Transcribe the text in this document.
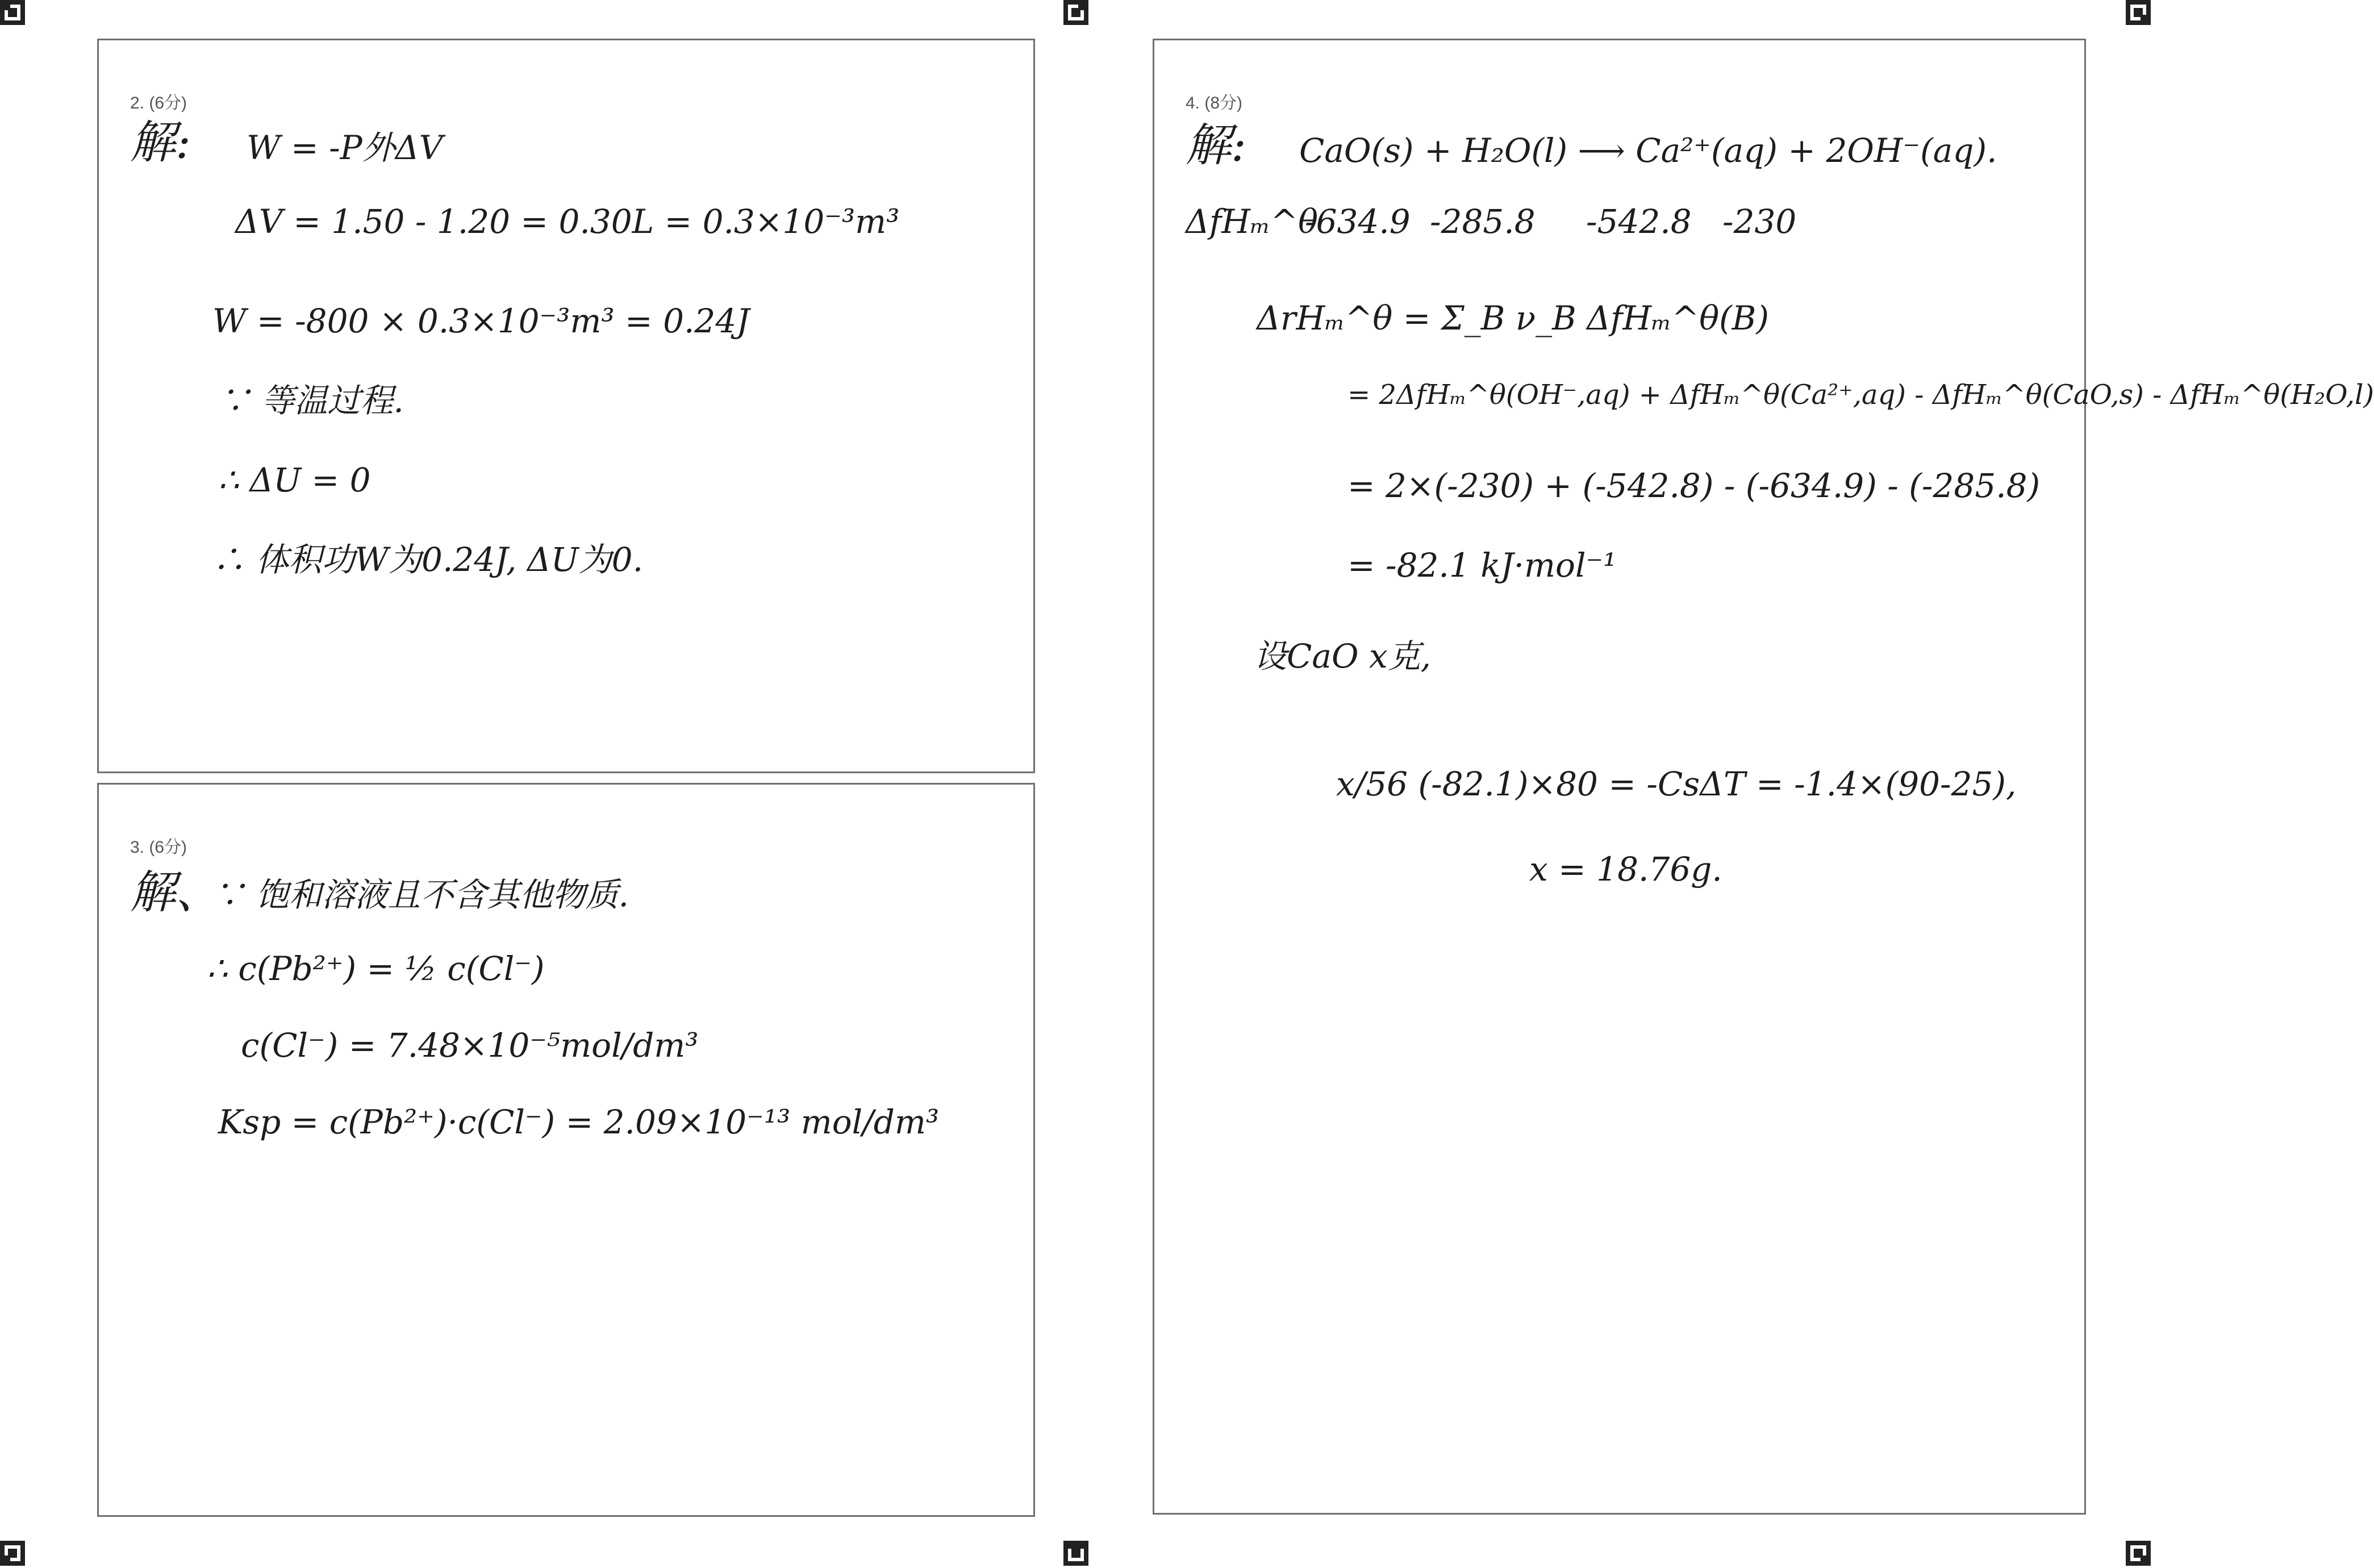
2. (6分)
解: W = -P外ΔV
ΔV = 1.50 - 1.20 = 0.30L = 0.3×10⁻³m³
W = -800 × 0.3×10⁻³m³ = 0.24J
∵ 等温过程.
∴ ΔU = 0
∴ 体积功W为0.24J, ΔU为0.
3. (6分)
解、
∵ 饱和溶液且不含其他物质.
∴ c(Pb²⁺) = ½ c(Cl⁻)
c(Cl⁻) = 7.48×10⁻⁵mol/dm³
Ksp = c(Pb²⁺)·c(Cl⁻) = 2.09×10⁻¹³ mol/dm³
4. (8分)
解: CaO(s) + H₂O(l) ⟶ Ca²⁺(aq) + 2OH⁻(aq).
ΔfHₘ^θ
-634.9 -285.8 -542.8 -230
ΔrHₘ^θ = Σ_B ν_B ΔfHₘ^θ(B)
= 2ΔfHₘ^θ(OH⁻,aq) + ΔfHₘ^θ(Ca²⁺,aq) - ΔfHₘ^θ(CaO,s) - ΔfHₘ^θ(H₂O,l)
= 2×(-230) + (-542.8) - (-634.9) - (-285.8)
= -82.1 kJ·mol⁻¹
设CaO x克,
x/56 (-82.1)×80 = -CsΔT = -1.4×(90-25),
x = 18.76g.
